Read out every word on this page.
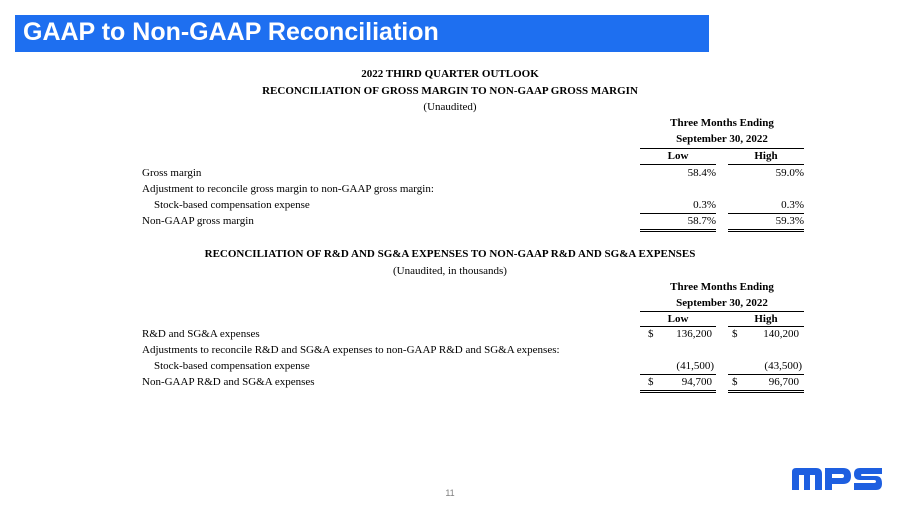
GAAP to Non-GAAP Reconciliation
2022 THIRD QUARTER OUTLOOK
RECONCILIATION OF GROSS MARGIN TO NON-GAAP GROSS MARGIN
(Unaudited)
Three Months Ending
September 30, 2022
Low	High
Gross margin	58.4%	59.0%
Adjustment to reconcile gross margin to non-GAAP gross margin:
Stock-based compensation expense	0.3%	0.3%
Non-GAAP gross margin	58.7%	59.3%
RECONCILIATION OF R&D AND SG&A EXPENSES TO NON-GAAP R&D AND SG&A EXPENSES
(Unaudited, in thousands)
Three Months Ending
September 30, 2022
Low	High
R&D and SG&A expenses	$	136,200 $	140,200
Adjustments to reconcile R&D and SG&A expenses to non-GAAP R&D and SG&A expenses:
Stock-based compensation expense	(41,500)	(43,500)
Non-GAAP R&D and SG&A expenses	$	94,700 $	96,700
11
